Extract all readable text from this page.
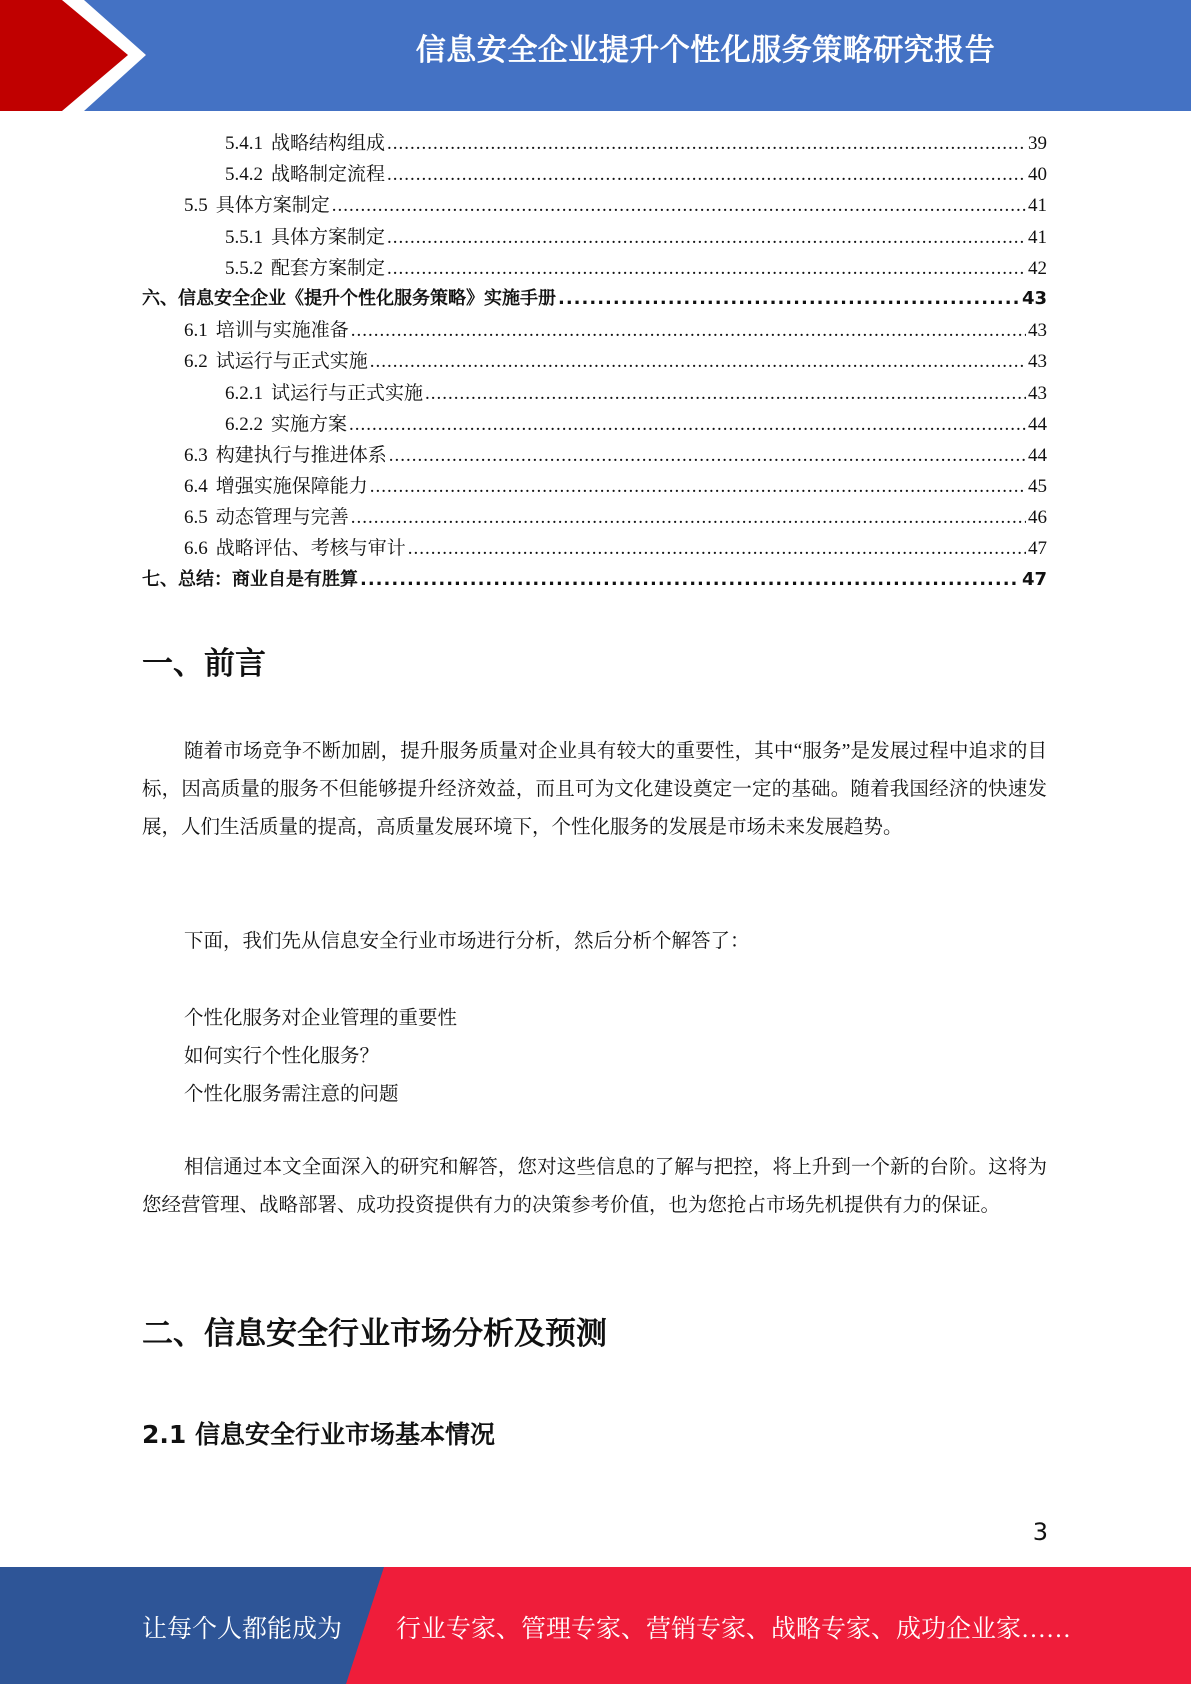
信息安全企业提升个性化服务策略研究报告
5.4.1 战略结构组成 .....	39
5.4.2 战略制定流程 .....	40
5.5 具体方案制定 .....	41
5.5.1 具体方案制定 .....	41
5.5.2 配套方案制定 .....	42
六、信息安全企业《提升个性化服务策略》实施手册 .....	43
6.1 培训与实施准备 .....	43
6.2 试运行与正式实施 .....	43
6.2.1 试运行与正式实施 .....	43
6.2.2 实施方案 .....	44
6.3 构建执行与推进体系 .....	44
6.4 增强实施保障能力 .....	45
6.5 动态管理与完善 .....	46
6.6 战略评估、考核与审计 .....	47
七、总结：商业自是有胜算 .....	47
一、前言
随着市场竞争不断加剧，提升服务质量对企业具有较大的重要性，其中“服务”是发展过程中追求的目标，因高质量的服务不但能够提升经济效益，而且可为文化建设奠定一定的基础。随着我国经济的快速发展，人们生活质量的提高，高质量发展环境下，个性化服务的发展是市场未来发展趋势。
下面，我们先从信息安全行业市场进行分析，然后分析个解答了：
个性化服务对企业管理的重要性
如何实行个性化服务？
个性化服务需注意的问题
相信通过本文全面深入的研究和解答，您对这些信息的了解与把控，将上升到一个新的台阶。这将为您经营管理、战略部署、成功投资提供有力的决策参考价值，也为您抢占市场先机提供有力的保证。
二、信息安全行业市场分析及预测
2.1 信息安全行业市场基本情况
3
让每个人都能成为 行业专家、管理专家、营销专家、战略专家、成功企业家……
